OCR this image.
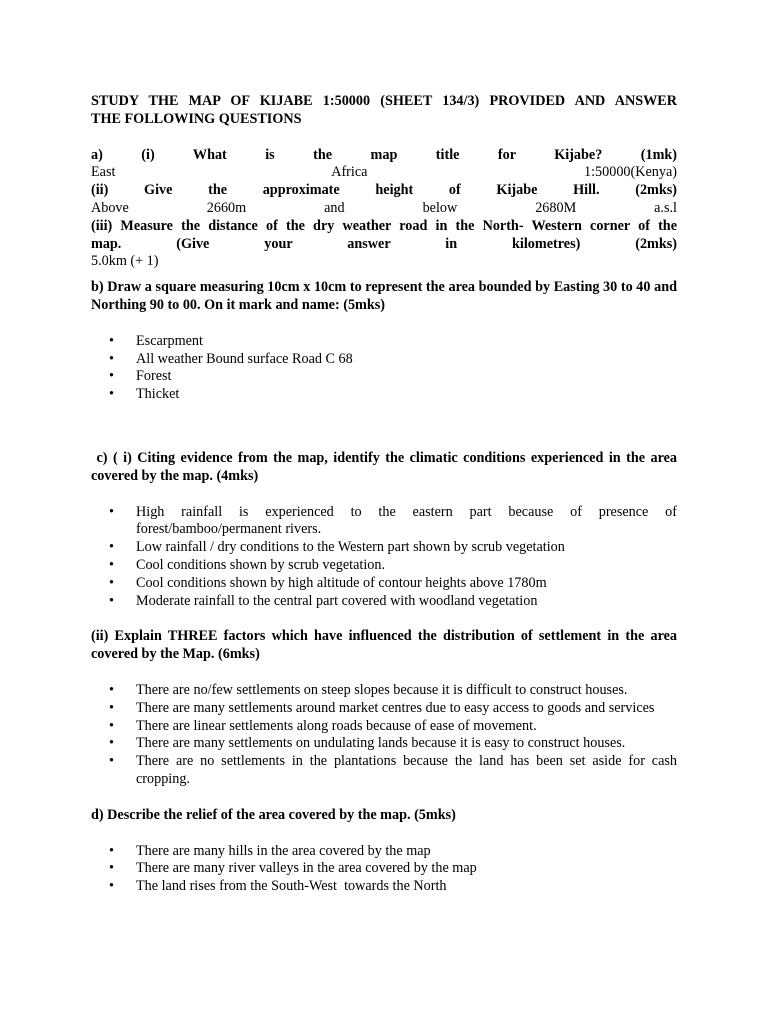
STUDY THE MAP OF KIJABE 1:50000 (SHEET 134/3) PROVIDED AND ANSWER
THE FOLLOWING QUESTIONS
a) (i) What is the map title for Kijabe? (1mk)
East Africa 1:50000(Kenya)
(ii) Give the approximate height of Kijabe Hill. (2mks)
Above 2660m and below 2680M a.s.l
(iii) Measure the distance of the dry weather road in the North- Western corner of the
map. (Give your answer in kilometres) (2mks)
5.0km (+ 1)
b) Draw a square measuring 10cm x 10cm to represent the area bounded by Easting 30 to 40 and Northing 90 to 00. On it mark and name: (5mks)
•	Escarpment
•	All weather Bound surface Road C 68
•	Forest
•	Thicket
c) ( i) Citing evidence from the map, identify the climatic conditions experienced in the area covered by the map. (4mks)
•	High rainfall is experienced to the eastern part because of presence of forest/bamboo/permanent rivers.
•	Low rainfall / dry conditions to the Western part shown by scrub vegetation
•	Cool conditions shown by scrub vegetation.
•	Cool conditions shown by high altitude of contour heights above 1780m
•	Moderate rainfall to the central part covered with woodland vegetation
(ii) Explain THREE factors which have influenced the distribution of settlement in the area covered by the Map. (6mks)
•	There are no/few settlements on steep slopes because it is difficult to construct houses.
•	There are many settlements around market centres due to easy access to goods and services
•	There are linear settlements along roads because of ease of movement.
•	There are many settlements on undulating lands because it is easy to construct houses.
•	There are no settlements in the plantations because the land has been set aside for cash cropping.
d) Describe the relief of the area covered by the map. (5mks)
•	There are many hills in the area covered by the map
•	There are many river valleys in the area covered by the map
•	The land rises from the South-West  towards the North
